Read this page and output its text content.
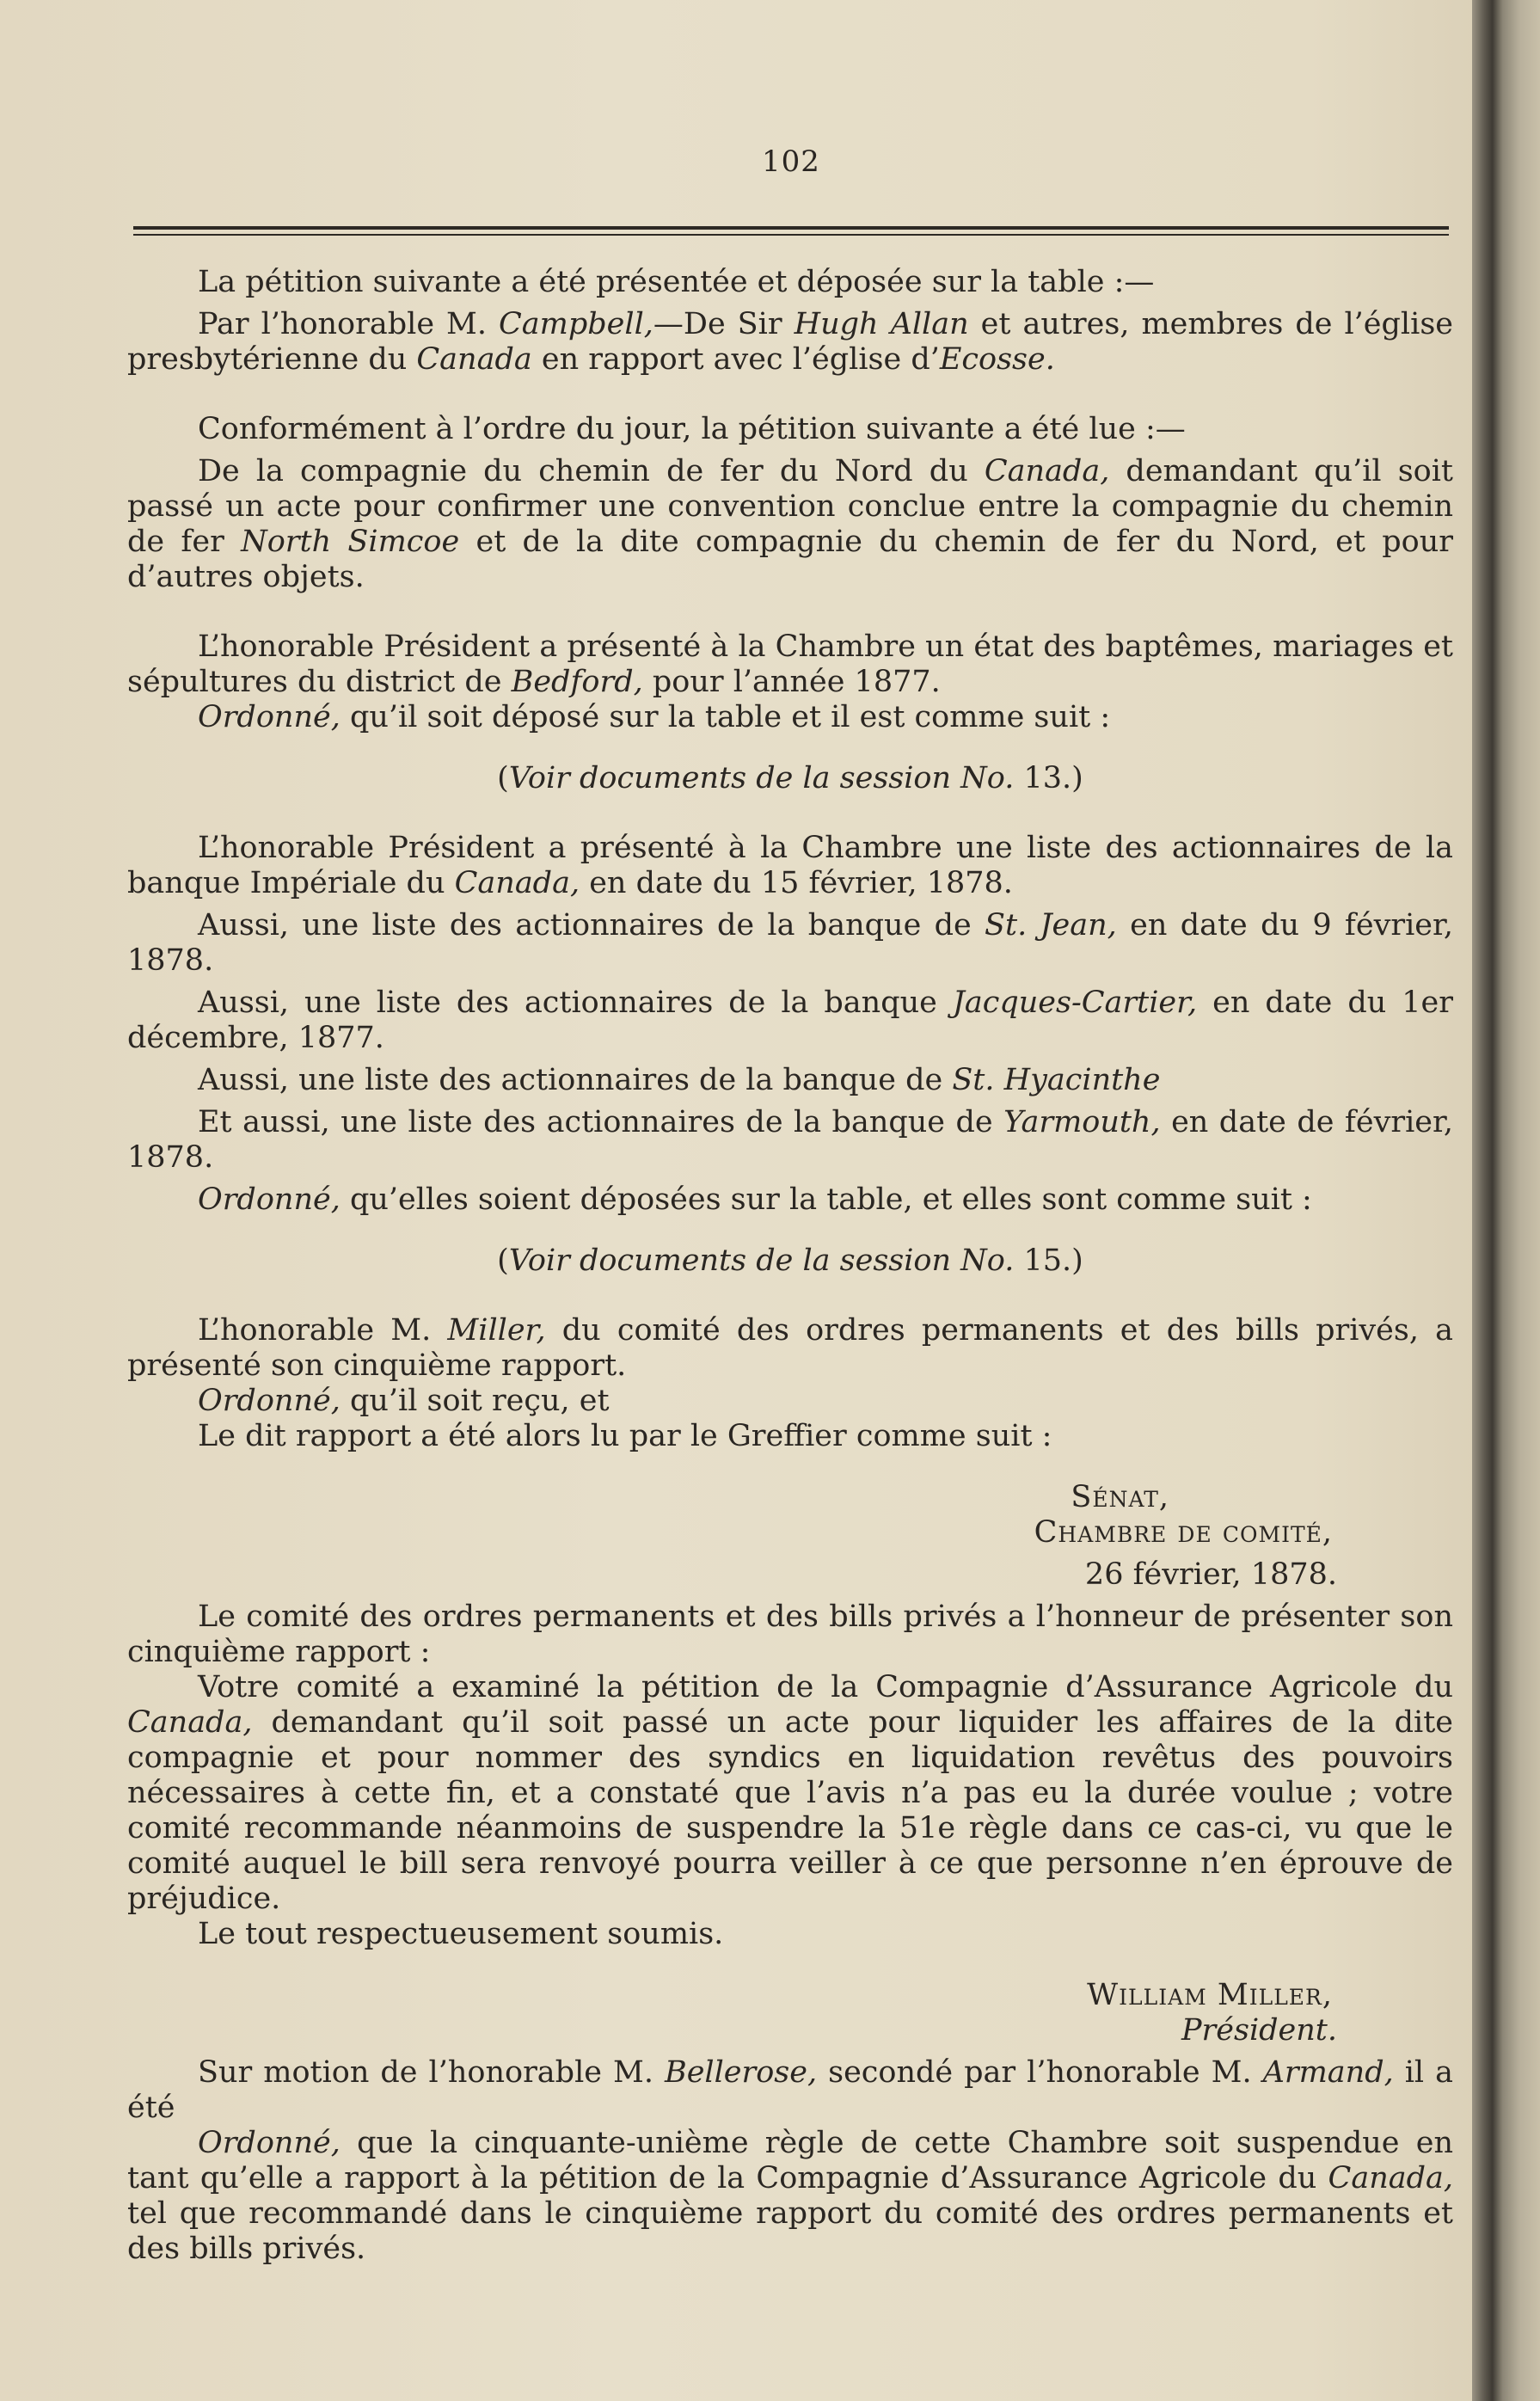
102

La pétition suivante a été présentée et déposée sur la table :—

Par l’honorable M. Campbell,—De Sir Hugh Allan et autres, membres de l’église presbytérienne du Canada en rapport avec l’église d’Ecosse.

Conformément à l’ordre du jour, la pétition suivante a été lue :—

De la compagnie du chemin de fer du Nord du Canada, demandant qu’il soit passé un acte pour confirmer une convention conclue entre la compagnie du chemin de fer North Simcoe et de la dite compagnie du chemin de fer du Nord, et pour d’autres objets.

L’honorable Président a présenté à la Chambre un état des baptêmes, mariages et sépultures du district de Bedford, pour l’année 1877.

Ordonné, qu’il soit déposé sur la table et il est comme suit :

(Voir documents de la session No. 13.)

L’honorable Président a présenté à la Chambre une liste des actionnaires de la banque Impériale du Canada, en date du 15 février, 1878.

Aussi, une liste des actionnaires de la banque de St. Jean, en date du 9 février, 1878.

Aussi, une liste des actionnaires de la banque Jacques-Cartier, en date du 1er décembre, 1877.

Aussi, une liste des actionnaires de la banque de St. Hyacinthe

Et aussi, une liste des actionnaires de la banque de Yarmouth, en date de février, 1878.

Ordonné, qu’elles soient déposées sur la table, et elles sont comme suit :

(Voir documents de la session No. 15.)

L’honorable M. Miller, du comité des ordres permanents et des bills privés, a présenté son cinquième rapport.

Ordonné, qu’il soit reçu, et

Le dit rapport a été alors lu par le Greffier comme suit :

Sénat,

Chambre de comité,

26 février, 1878.

Le comité des ordres permanents et des bills privés a l’honneur de présenter son cinquième rapport :

Votre comité a examiné la pétition de la Compagnie d’Assurance Agricole du Canada, demandant qu’il soit passé un acte pour liquider les affaires de la dite compagnie et pour nommer des syndics en liquidation revêtus des pouvoirs nécessaires à cette fin, et a constaté que l’avis n’a pas eu la durée voulue ; votre comité recommande néanmoins de suspendre la 51e règle dans ce cas-ci, vu que le comité auquel le bill sera renvoyé pourra veiller à ce que personne n’en éprouve de préjudice.

Le tout respectueusement soumis.

William Miller,

Président.

Sur motion de l’honorable M. Bellerose, secondé par l’honorable M. Armand, il a été

Ordonné, que la cinquante-unième règle de cette Chambre soit suspendue en tant qu’elle a rapport à la pétition de la Compagnie d’Assurance Agricole du Canada, tel que recommandé dans le cinquième rapport du comité des ordres permanents et des bills privés.
